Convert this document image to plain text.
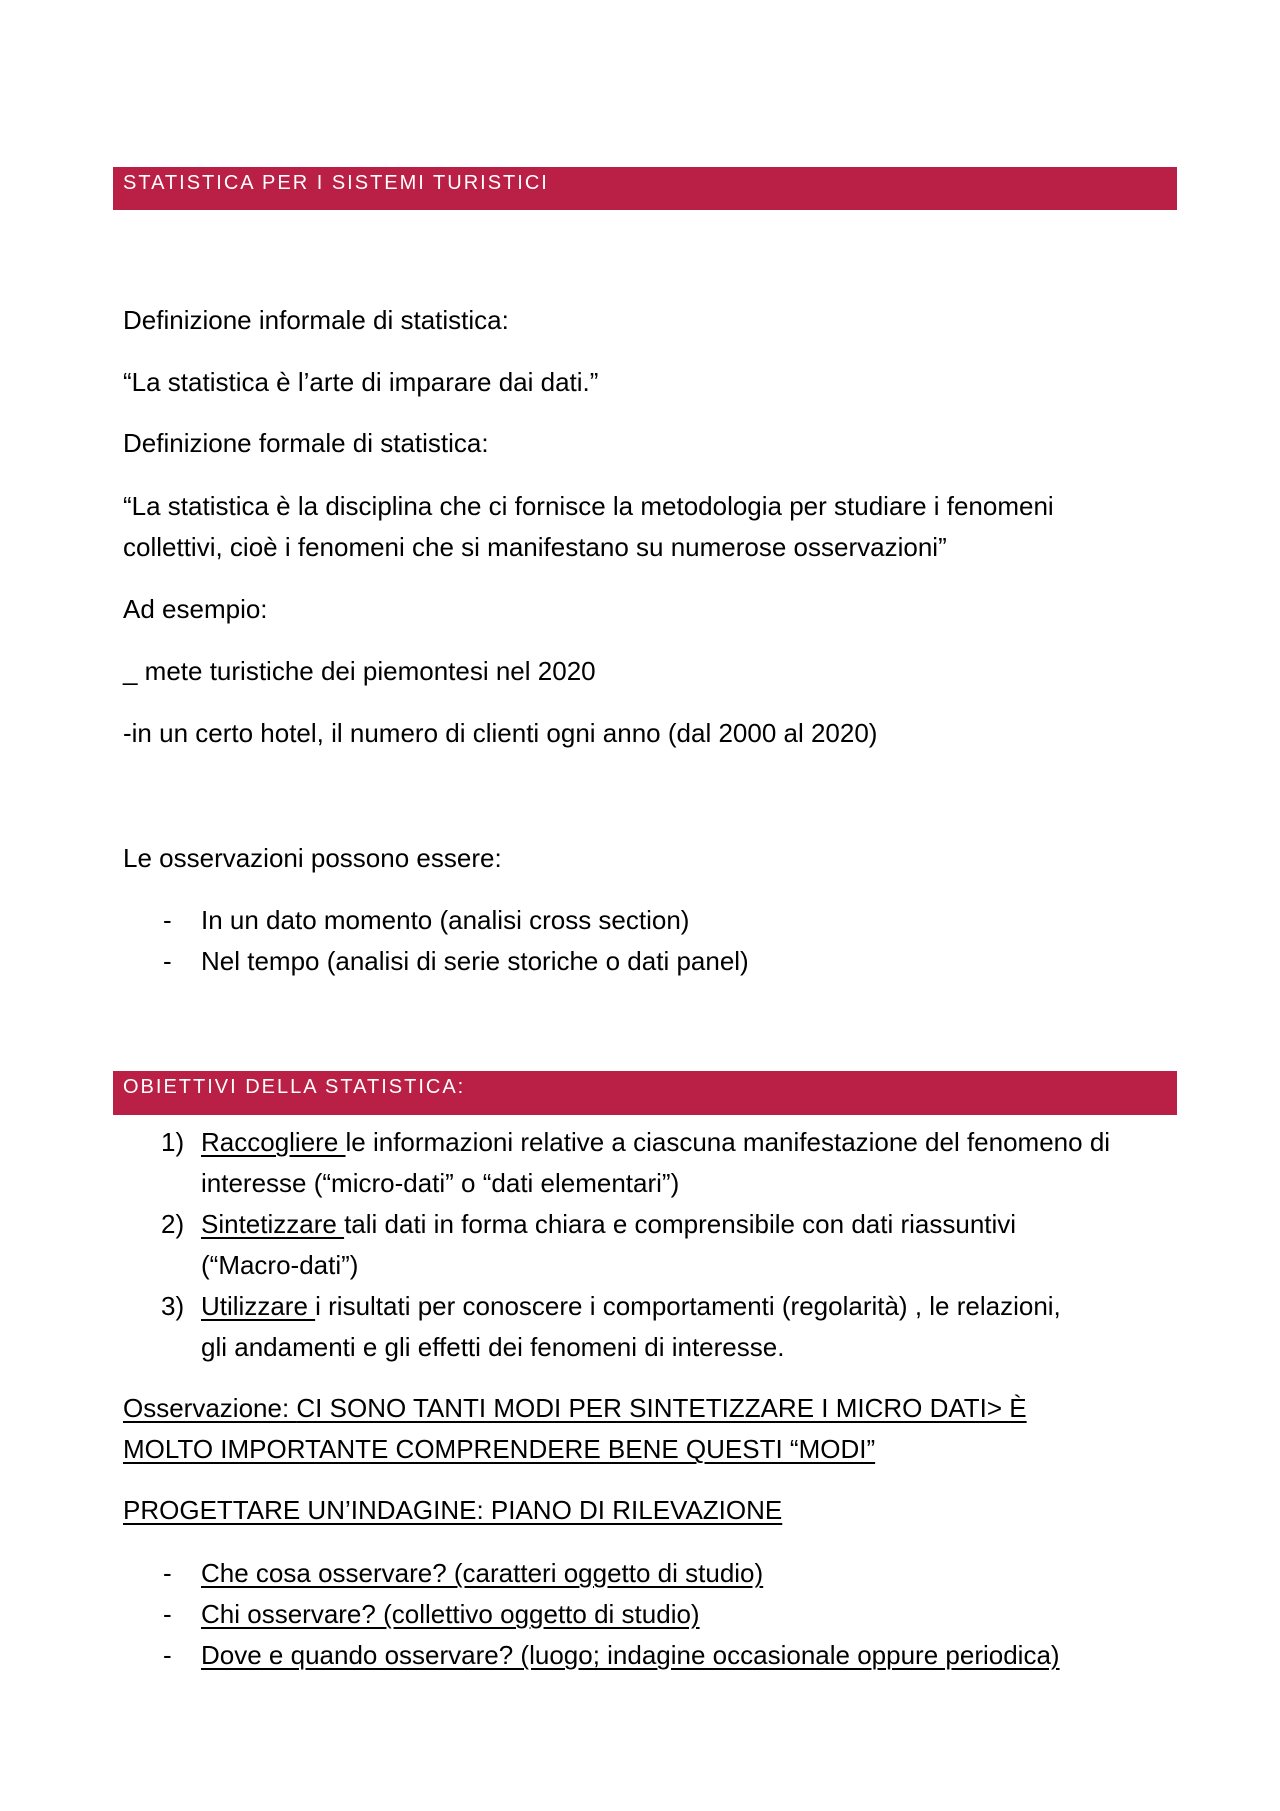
STATISTICA PER I SISTEMI TURISTICI
Definizione informale di statistica:
“La statistica è l’arte di imparare dai dati.”
Definizione formale di statistica:
“La statistica è la disciplina che ci fornisce la metodologia per studiare i fenomeni
collettivi, cioè i fenomeni che si manifestano su numerose osservazioni”
Ad esempio:
_ mete turistiche dei piemontesi nel 2020
-in un certo hotel, il numero di clienti ogni anno (dal 2000 al 2020)
Le osservazioni possono essere:
- In un dato momento (analisi cross section)
- Nel tempo (analisi di serie storiche o dati panel)
OBIETTIVI DELLA STATISTICA:
1) Raccogliere le informazioni relative a ciascuna manifestazione del fenomeno di
interesse (“micro-dati” o “dati elementari”)
2) Sintetizzare tali dati in forma chiara e comprensibile con dati riassuntivi
(“Macro-dati”)
3) Utilizzare i risultati per conoscere i comportamenti (regolarità) , le relazioni,
gli andamenti e gli effetti dei fenomeni di interesse.
Osservazione: CI SONO TANTI MODI PER SINTETIZZARE I MICRO DATI> È
MOLTO IMPORTANTE COMPRENDERE BENE QUESTI “MODI”
PROGETTARE UN’INDAGINE: PIANO DI RILEVAZIONE
- Che cosa osservare? (caratteri oggetto di studio)
- Chi osservare? (collettivo oggetto di studio)
- Dove e quando osservare? (luogo; indagine occasionale oppure periodica)
